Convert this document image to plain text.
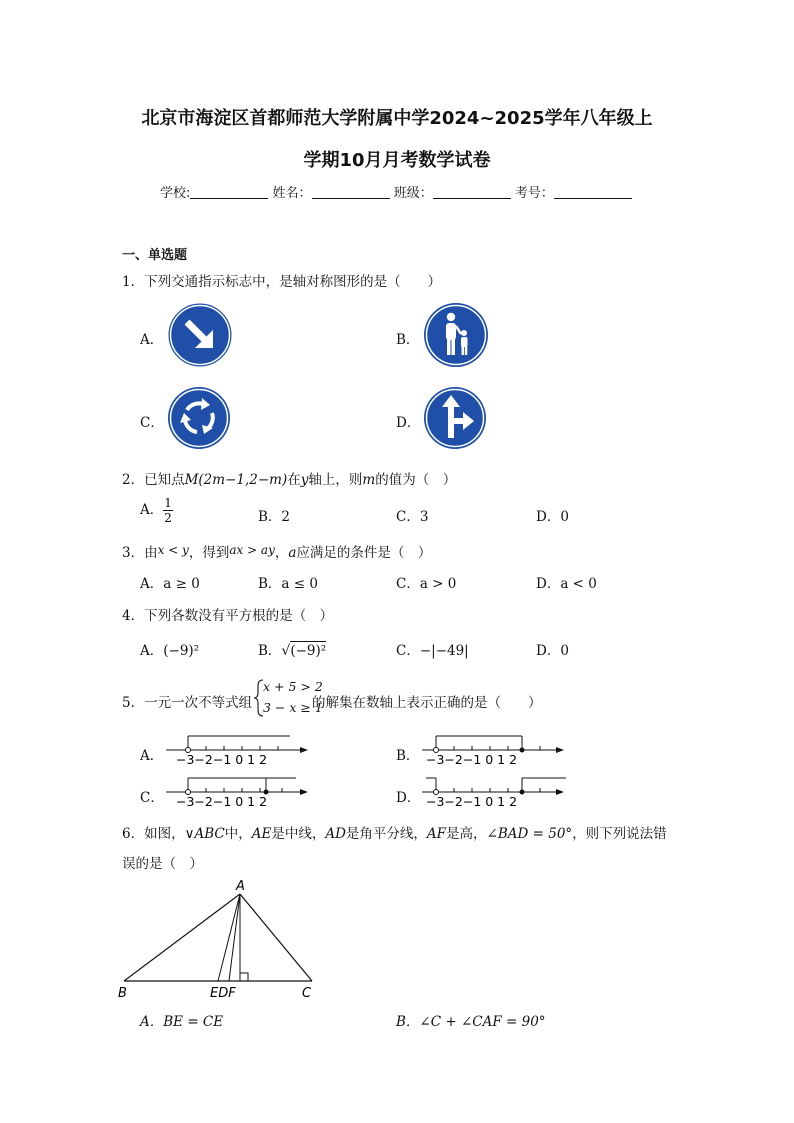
北京市海淀区首都师范大学附属中学2024~2025学年八年级上
学期10月月考数学试卷
学校:	姓名：	班级：	考号：
一、单选题
1．下列交通指示标志中，是轴对称图形的是（　　）
A．	B．
C．	D．
2．已知点M(2m−1,2−m)在y轴上，则m的值为（　）
A． $\frac{1}{2}$	B．2	C．3	D．0
3．由x < y，得到ax > ay，a应满足的条件是（　）
A．a ≥ 0	B．a ≤ 0	C．a > 0	D．a < 0
4．下列各数没有平方根的是（　）
A．(−9)²	B．√(−9)²	C．−|−49|	D．0
5．一元一次不等式组
x + 5 > 2
3 − x ≥ 1
的解集在数轴上表示正确的是（　　）
A． −3−2−1 0 1 2	B． −3−2−1 0 1 2
C． −3−2−1 0 1 2	D． −3−2−1 0 1 2
6．如图，∨ABC中，AE是中线，AD是角平分线，AF是高，∠BAD = 50°，则下列说法错
误的是（　）
A
B	C
EDF
A．BE = CE	B．∠C + ∠CAF = 90°
